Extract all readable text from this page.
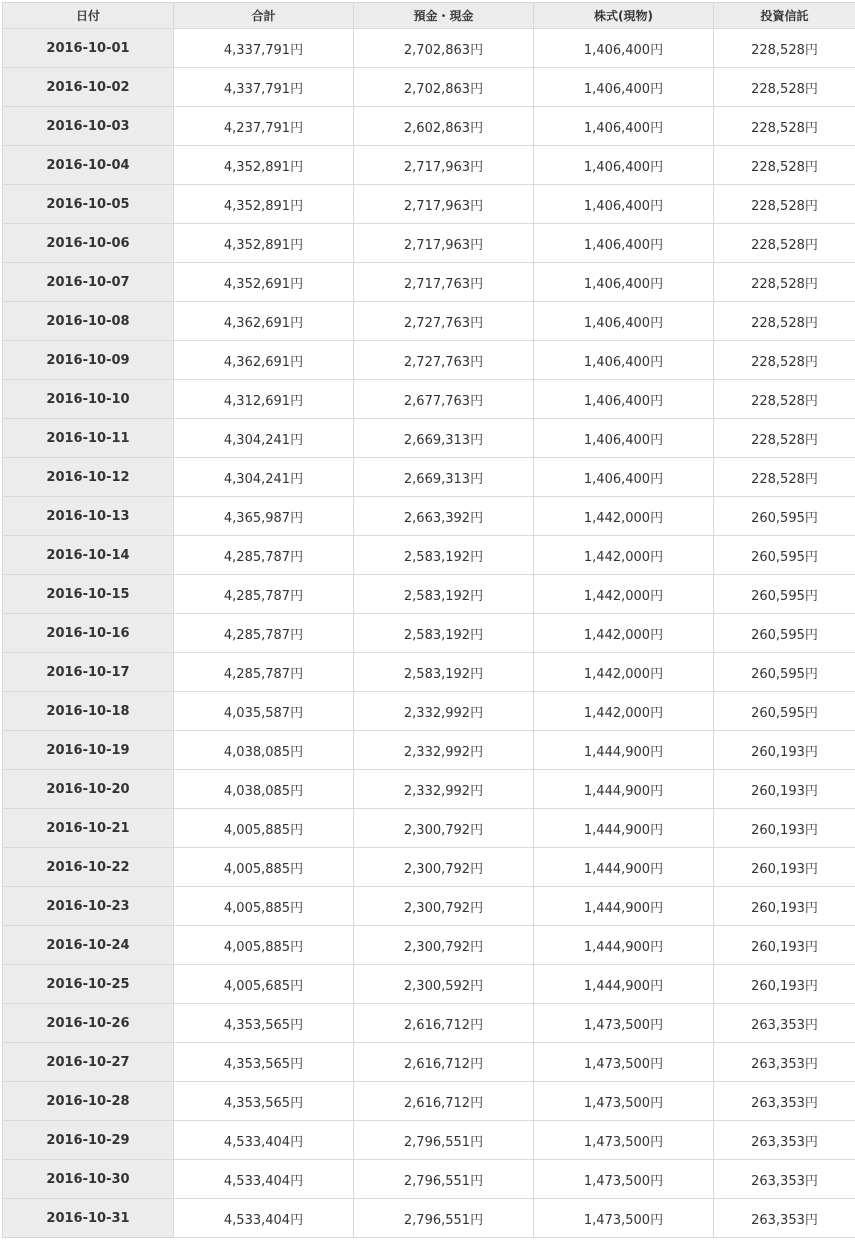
日付	合計	預金・現金	株式(現物)	投資信託
2016-10-01	4,337,791円	2,702,863円	1,406,400円	228,528円
2016-10-02	4,337,791円	2,702,863円	1,406,400円	228,528円
2016-10-03	4,237,791円	2,602,863円	1,406,400円	228,528円
2016-10-04	4,352,891円	2,717,963円	1,406,400円	228,528円
2016-10-05	4,352,891円	2,717,963円	1,406,400円	228,528円
2016-10-06	4,352,891円	2,717,963円	1,406,400円	228,528円
2016-10-07	4,352,691円	2,717,763円	1,406,400円	228,528円
2016-10-08	4,362,691円	2,727,763円	1,406,400円	228,528円
2016-10-09	4,362,691円	2,727,763円	1,406,400円	228,528円
2016-10-10	4,312,691円	2,677,763円	1,406,400円	228,528円
2016-10-11	4,304,241円	2,669,313円	1,406,400円	228,528円
2016-10-12	4,304,241円	2,669,313円	1,406,400円	228,528円
2016-10-13	4,365,987円	2,663,392円	1,442,000円	260,595円
2016-10-14	4,285,787円	2,583,192円	1,442,000円	260,595円
2016-10-15	4,285,787円	2,583,192円	1,442,000円	260,595円
2016-10-16	4,285,787円	2,583,192円	1,442,000円	260,595円
2016-10-17	4,285,787円	2,583,192円	1,442,000円	260,595円
2016-10-18	4,035,587円	2,332,992円	1,442,000円	260,595円
2016-10-19	4,038,085円	2,332,992円	1,444,900円	260,193円
2016-10-20	4,038,085円	2,332,992円	1,444,900円	260,193円
2016-10-21	4,005,885円	2,300,792円	1,444,900円	260,193円
2016-10-22	4,005,885円	2,300,792円	1,444,900円	260,193円
2016-10-23	4,005,885円	2,300,792円	1,444,900円	260,193円
2016-10-24	4,005,885円	2,300,792円	1,444,900円	260,193円
2016-10-25	4,005,685円	2,300,592円	1,444,900円	260,193円
2016-10-26	4,353,565円	2,616,712円	1,473,500円	263,353円
2016-10-27	4,353,565円	2,616,712円	1,473,500円	263,353円
2016-10-28	4,353,565円	2,616,712円	1,473,500円	263,353円
2016-10-29	4,533,404円	2,796,551円	1,473,500円	263,353円
2016-10-30	4,533,404円	2,796,551円	1,473,500円	263,353円
2016-10-31	4,533,404円	2,796,551円	1,473,500円	263,353円
